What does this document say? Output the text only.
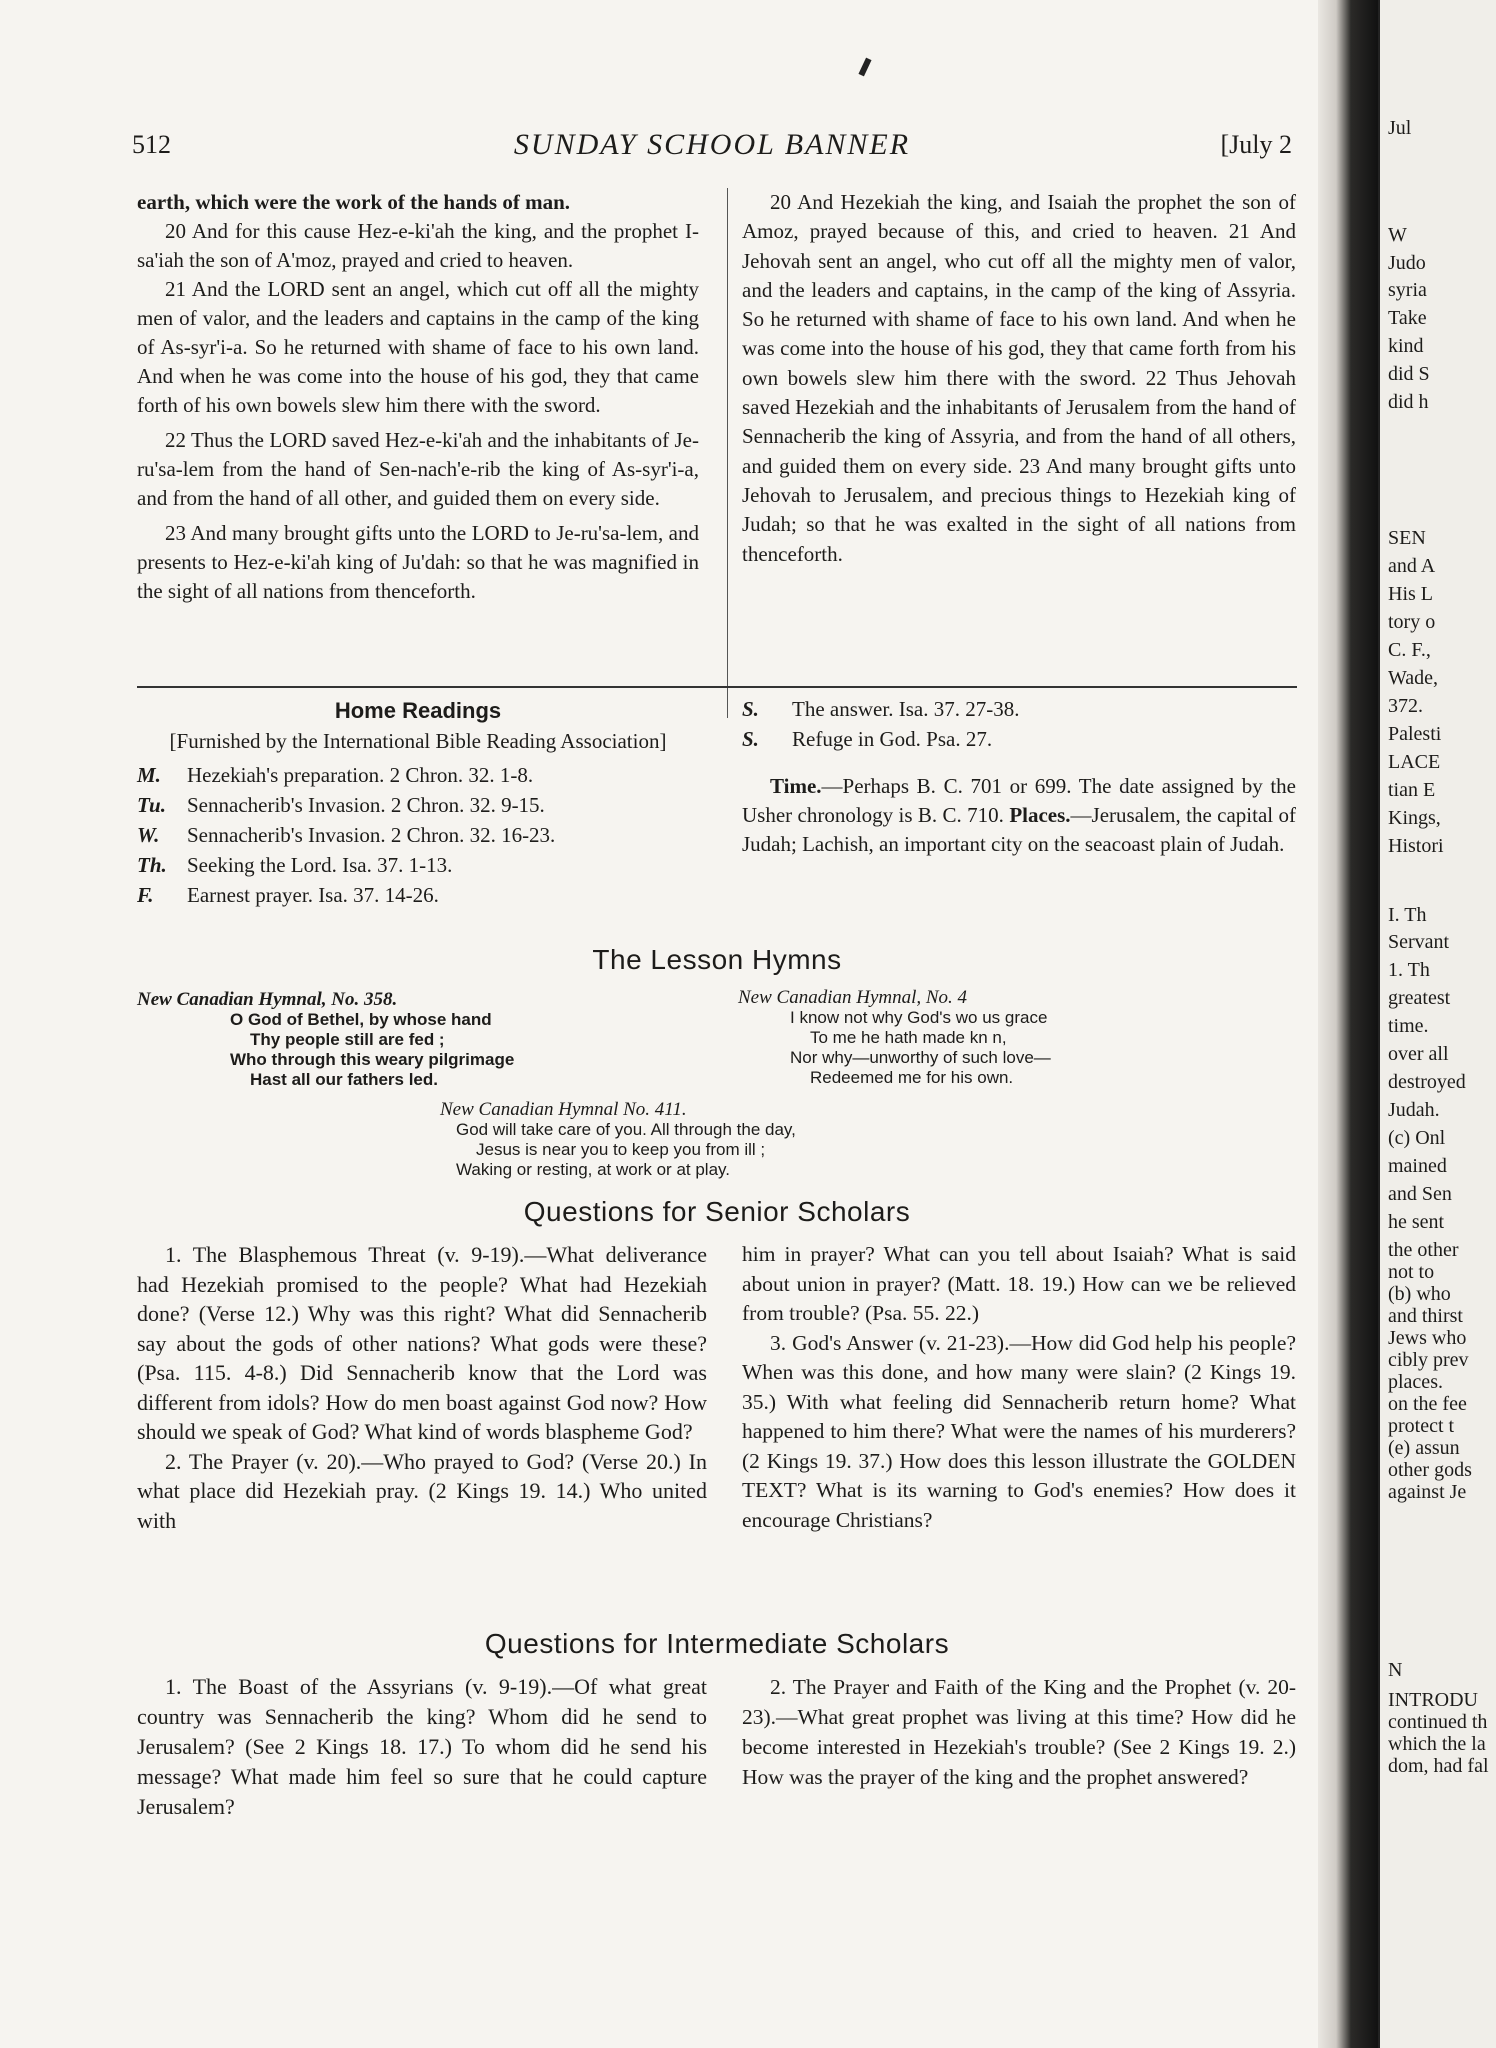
512	SUNDAY SCHOOL BANNER	[July 2

earth, which were the work of the hands of man.

20 And for this cause Hez-e-ki'ah the king, and the prophet I-sa'iah the son of A'moz, prayed and cried to heaven.

21 And the LORD sent an angel, which cut off all the mighty men of valor, and the leaders and captains in the camp of the king of As-syr'i-a. So he returned with shame of face to his own land. And when he was come into the house of his god, they that came forth of his own bowels slew him there with the sword.

22 Thus the LORD saved Hez-e-ki'ah and the inhabitants of Je-ru'sa-lem from the hand of Sen-nach'e-rib the king of As-syr'i-a, and from the hand of all other, and guided them on every side.

23 And many brought gifts unto the LORD to Je-ru'sa-lem, and presents to Hez-e-ki'ah king of Ju'dah: so that he was magnified in the sight of all nations from thenceforth.

20 And Hezekiah the king, and Isaiah the prophet the son of Amoz, prayed because of this, and cried to heaven. 21 And Jehovah sent an angel, who cut off all the mighty men of valor, and the leaders and captains, in the camp of the king of Assyria. So he returned with shame of face to his own land. And when he was come into the house of his god, they that came forth from his own bowels slew him there with the sword. 22 Thus Jehovah saved Hezekiah and the inhabitants of Jerusalem from the hand of Sennacherib the king of Assyria, and from the hand of all others, and guided them on every side. 23 And many brought gifts unto Jehovah to Jerusalem, and precious things to Hezekiah king of Judah; so that he was exalted in the sight of all nations from thenceforth.

Home Readings
[Furnished by the International Bible Reading Association]
M.	Hezekiah's preparation. 2 Chron. 32. 1-8.
Tu.	Sennacherib's Invasion. 2 Chron. 32. 9-15.
W.	Sennacherib's Invasion. 2 Chron. 32. 16-23.
Th. Seeking the Lord. Isa. 37. 1-13.
F.	Earnest prayer. Isa. 37. 14-26.
S.	The answer. Isa. 37. 27-38.
S.	Refuge in God. Psa. 27.

Time.—Perhaps B. C. 701 or 699. The date assigned by the Usher chronology is B. C. 710. Places.—Jerusalem, the capital of Judah; Lachish, an important city on the seacoast plain of Judah.

The Lesson Hymns
New Canadian Hymnal, No. 358.
O God of Bethel, by whose hand
Thy people still are fed ;
Who through this weary pilgrimage
Hast all our fathers led.
New Canadian Hymnal, No. 4
I know not why God's wo us grace
To me he hath made kn n,
Nor why—unworthy of such love—
Redeemed me for his own.
New Canadian Hymnal No. 411.
God will take care of you. All through the day,
Jesus is near you to keep you from ill ;
Waking or resting, at work or at play.
Questions for Senior Scholars

1. The Blasphemous Threat (v. 9-19).—What deliverance had Hezekiah promised to the people? What had Hezekiah done? (Verse 12.) Why was this right? What did Sennacherib say about the gods of other nations? What gods were these? (Psa. 115. 4-8.) Did Sennacherib know that the Lord was different from idols? How do men boast against God now? How should we speak of God? What kind of words blaspheme God?

2. The Prayer (v. 20).—Who prayed to God? (Verse 20.) In what place did Hezekiah pray. (2 Kings 19. 14.) Who united with

him in prayer? What can you tell about Isaiah? What is said about union in prayer? (Matt. 18. 19.) How can we be relieved from trouble? (Psa. 55. 22.)

3. God's Answer (v. 21-23).—How did God help his people? When was this done, and how many were slain? (2 Kings 19. 35.) With what feeling did Sennacherib return home? What happened to him there? What were the names of his murderers? (2 Kings 19. 37.) How does this lesson illustrate the GOLDEN TEXT? What is its warning to God's enemies? How does it encourage Christians?

Questions for Intermediate Scholars

1. The Boast of the Assyrians (v. 9-19).—Of what great country was Sennacherib the king? Whom did he send to Jerusalem? (See 2 Kings 18. 17.) To whom did he send his message? What made him feel so sure that he could capture Jerusalem?

2. The Prayer and Faith of the King and the Prophet (v. 20-23).—What great prophet was living at this time? How did he become interested in Hezekiah's trouble? (See 2 Kings 19. 2.) How was the prayer of the king and the prophet answered?

Jul
W
Judo
syria
Take
kind
did S
did h
SEN
and A
His L
tory o
C. F.,
Wade,
372.
Palesti
LACE
tian E
Kings,
Histori
I. Th
Servant
1. Th
greatest
time.
over all
destroyed
Judah.
(c) Onl
mained
and Sen
he sent
the other
not to
(b) who
and thirst
Jews who
cibly prev
places.
on the fee
protect t
(e) assun
other gods
against Je
N
INTRODU
continued th
which the la
dom, had fal
